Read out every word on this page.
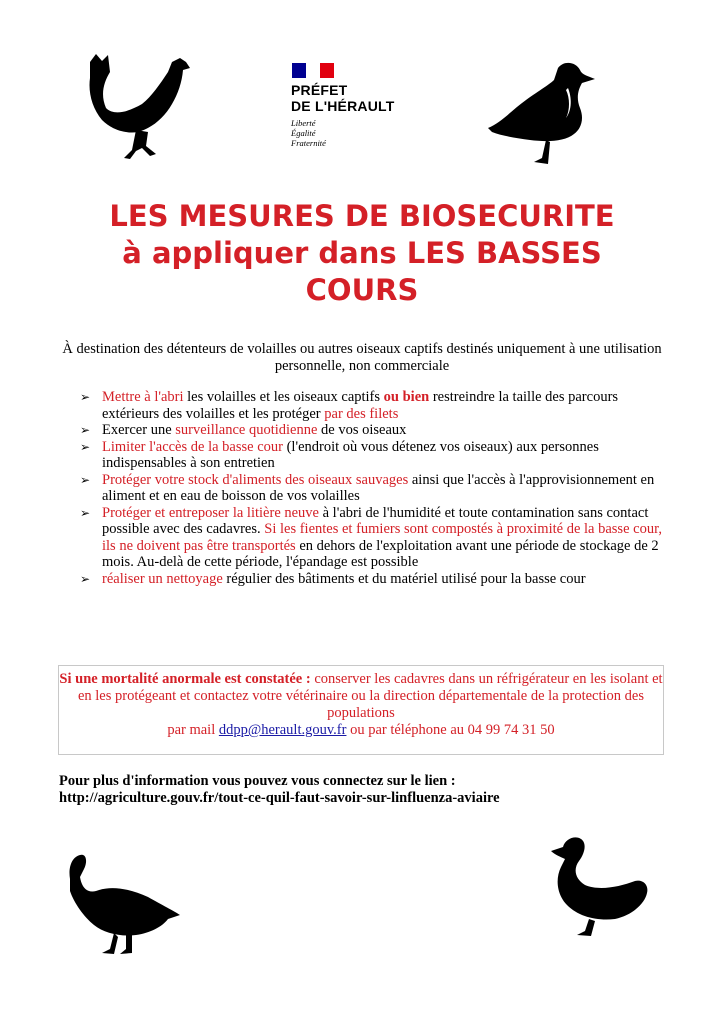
PRÉFET
DE L'HÉRAULT
Liberté
Égalité
Fraternité
LES MESURES DE BIOSECURITE
à appliquer dans LES BASSES
COURS

À destination des détenteurs de volailles ou autres oiseaux captifs destinés uniquement à une utilisation
personnelle, non commerciale

➢ Mettre à l'abri les volailles et les oiseaux captifs ou bien restreindre la taille des parcours extérieurs des volailles et les protéger par des filets
➢ Exercer une surveillance quotidienne de vos oiseaux
➢ Limiter l'accès de la basse cour (l'endroit où vous détenez vos oiseaux) aux personnes indispensables à son entretien
➢ Protéger votre stock d'aliments des oiseaux sauvages ainsi que l'accès à l'approvisionnement en aliment et en eau de boisson de vos volailles
➢ Protéger et entreposer la litière neuve à l'abri de l'humidité et toute contamination sans contact possible avec des cadavres. Si les fientes et fumiers sont compostés à proximité de la basse cour, ils ne doivent pas être transportés en dehors de l'exploitation avant une période de stockage de 2 mois. Au-delà de cette période, l'épandage est possible
➢ réaliser un nettoyage régulier des bâtiments et du matériel utilisé pour la basse cour
Si une mortalité anormale est constatée : conserver les cadavres dans un réfrigérateur en les isolant et en les protégeant et contactez votre vétérinaire ou la direction départementale de la protection des populations
par mail ddpp@herault.gouv.fr ou par téléphone au 04 99 74 31 50
Pour plus d'information vous pouvez vous connectez sur le lien :
http://agriculture.gouv.fr/tout-ce-quil-faut-savoir-sur-linfluenza-aviaire
